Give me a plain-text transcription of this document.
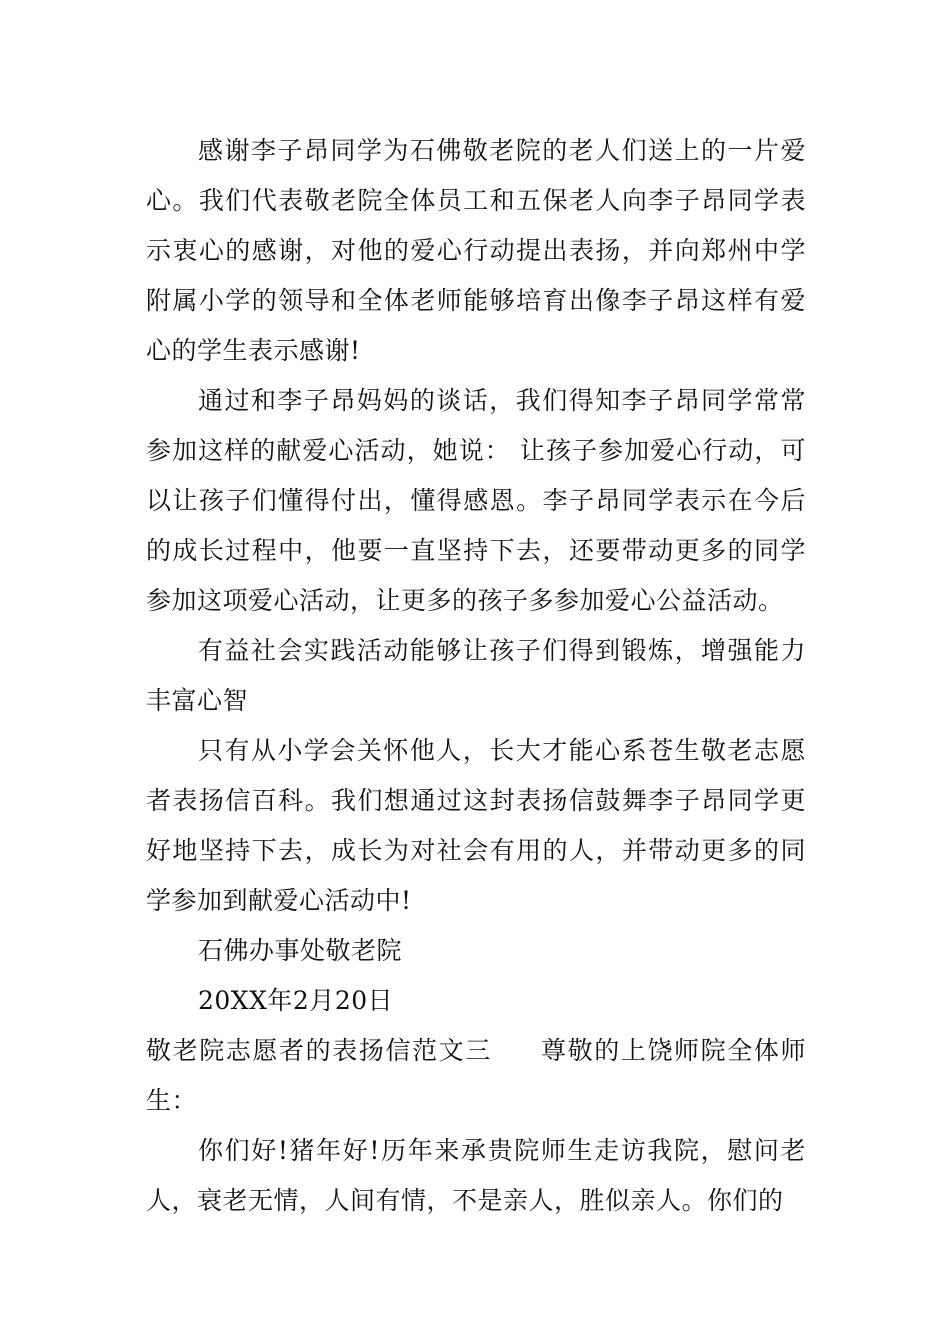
感谢李子昂同学为石佛敬老院的老人们送上的一片爱心。我们代表敬老院全体员工和五保老人向李子昂同学表示衷心的感谢，对他的爱心行动提出表扬，并向郑州中学附属小学的领导和全体老师能够培育出像李子昂这样有爱心的学生表示感谢!

通过和李子昂妈妈的谈话，我们得知李子昂同学常常参加这样的献爱心活动，她说： 让孩子参加爱心行动，可以让孩子们懂得付出，懂得感恩。李子昂同学表示在今后的成长过程中，他要一直坚持下去，还要带动更多的同学参加这项爱心活动，让更多的孩子多参加爱心公益活动。

有益社会实践活动能够让孩子们得到锻炼，增强能力丰富心智

只有从小学会关怀他人，长大才能心系苍生敬老志愿者表扬信百科。我们想通过这封表扬信鼓舞李子昂同学更好地坚持下去，成长为对社会有用的人，并带动更多的同学参加到献爱心活动中!

石佛办事处敬老院

20XX年2月20日

敬老院志愿者的表扬信范文三 尊敬的上饶师院全体师生：

你们好!猪年好!历年来承贵院师生走访我院，慰问老人，衰老无情，人间有情，不是亲人，胜似亲人。你们的
